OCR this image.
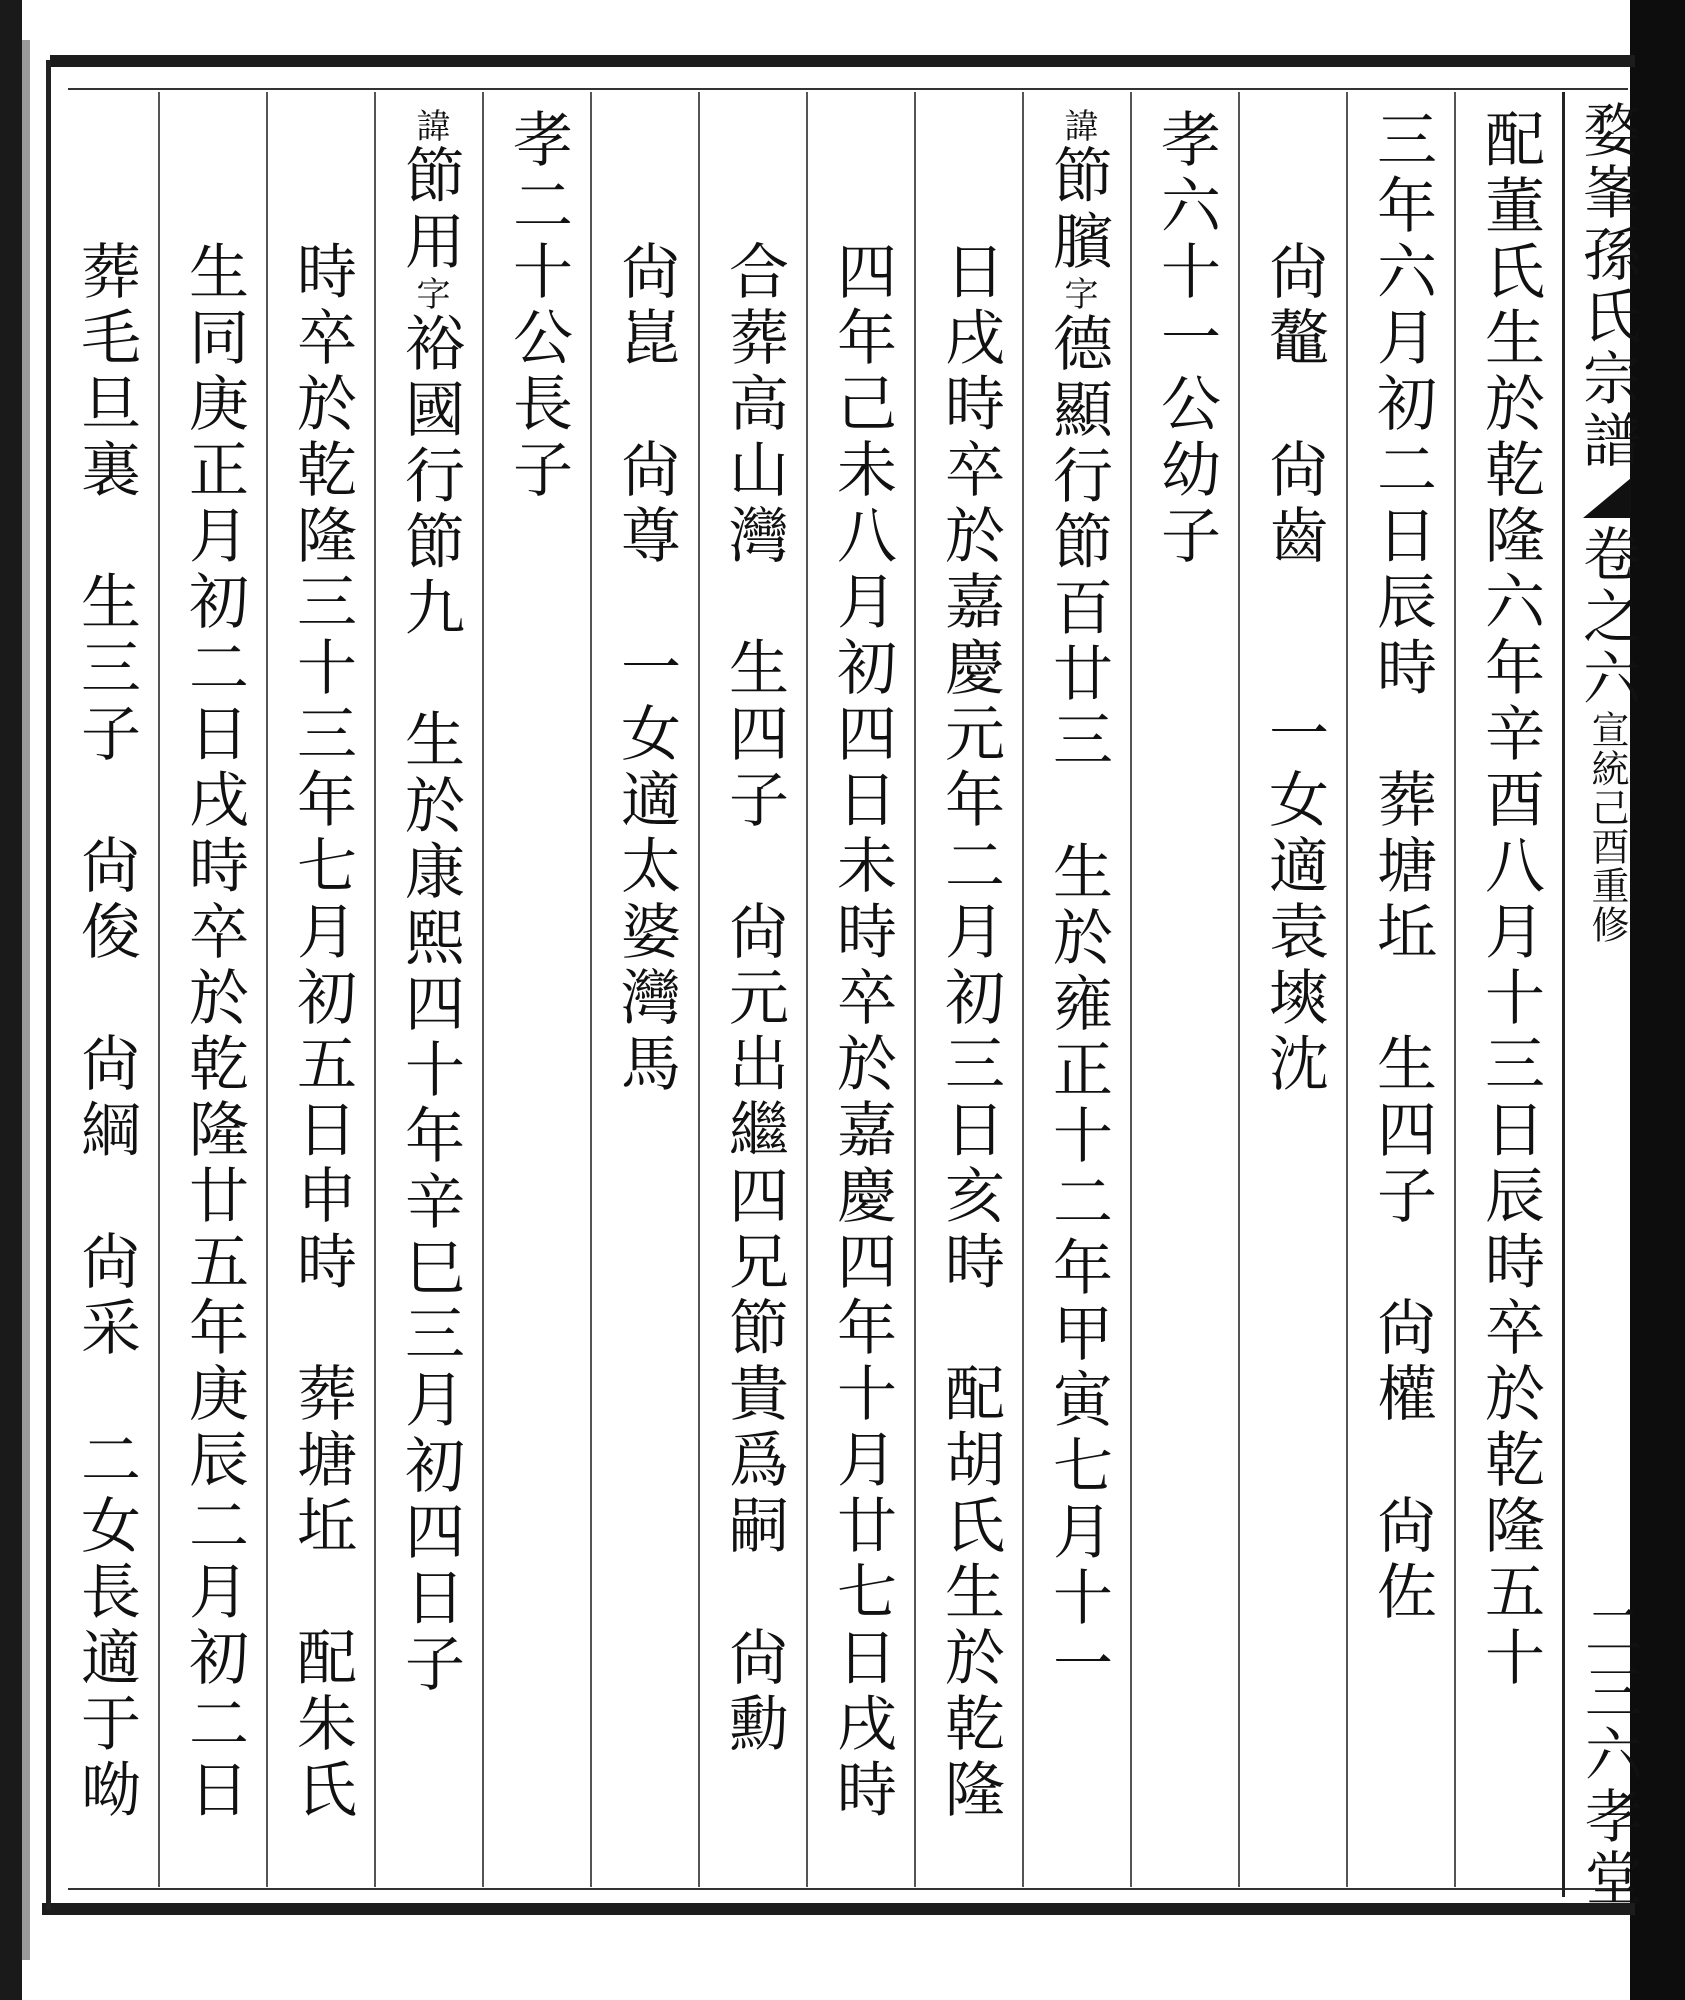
婺峯孫氏宗譜卷之六宣統己酉重修
二三六孝堂
配董氏生於乾隆六年辛酉八月十三日辰時卒於乾隆五十
三年六月初二日辰時　葬塘坵　生四子　尙權　尙佐
　　尙鼇　尙齒　　一女適袁塽沈
孝六十一公幼子
諱節臏字德顯行節百廿三　生於雍正十二年甲寅七月十一
　　日戌時卒於嘉慶元年二月初三日亥時　配胡氏生於乾隆
　　四年己未八月初四日未時卒於嘉慶四年十月廿七日戌時
　　合葬高山灣　生四子　尙元出繼四兄節貴爲嗣　尙勳
　　尙崑　尙尊　一女適太婆灣馬
孝二十公長子
諱節用字裕國行節九　生於康熙四十年辛巳三月初四日子
　　時卒於乾隆三十三年七月初五日申時　葬塘坵　配朱氏
　　生同庚正月初二日戌時卒於乾隆廿五年庚辰二月初二日
　　葬毛旦裏　生三子　尙俊　尙綱　尙采　二女長適于呦
